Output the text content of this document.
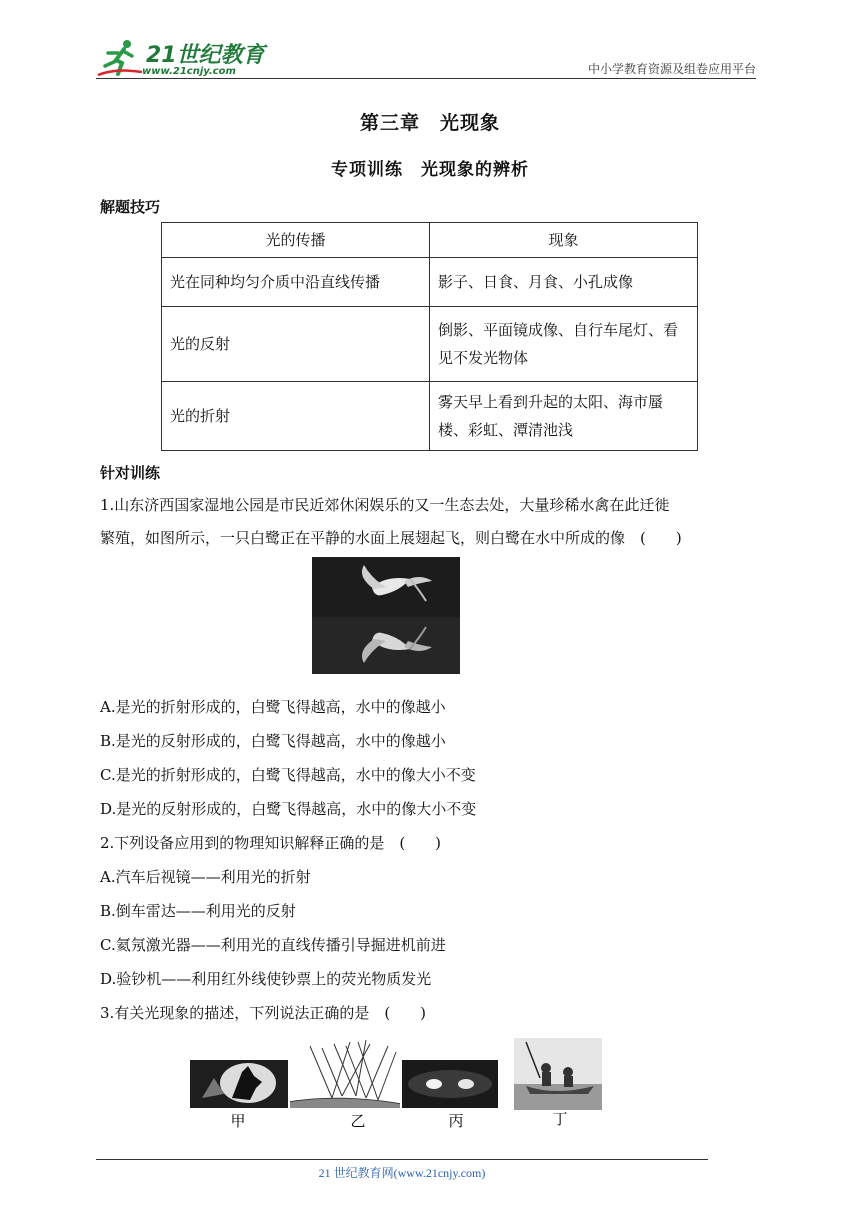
21世纪教育
www.21cnjy.com	中小学教育资源及组卷应用平台
第三章　光现象
专项训练　光现象的辨析
解题技巧
光的传播	现象
光在同种均匀介质中沿直线传播	影子、日食、月食、小孔成像
光的反射	倒影、平面镜成像、自行车尾灯、看见不发光物体
光的折射	雾天早上看到升起的太阳、海市蜃楼、彩虹、潭清池浅
针对训练
1.山东济西国家湿地公园是市民近郊休闲娱乐的又一生态去处，大量珍稀水禽在此迁徙
繁殖，如图所示，一只白鹭正在平静的水面上展翅起飞，则白鹭在水中所成的像　(　　)
A.是光的折射形成的，白鹭飞得越高，水中的像越小
B.是光的反射形成的，白鹭飞得越高，水中的像越小
C.是光的折射形成的，白鹭飞得越高，水中的像大小不变
D.是光的反射形成的，白鹭飞得越高，水中的像大小不变
2.下列设备应用到的物理知识解释正确的是　(　　)
A.汽车后视镜——利用光的折射
B.倒车雷达——利用光的反射
C.氦氖激光器——利用光的直线传播引导掘进机前进
D.验钞机——利用红外线使钞票上的荧光物质发光
3.有关光现象的描述，下列说法正确的是　(　　)
甲	乙	丙	丁
21 世纪教育网(www.21cnjy.com)
